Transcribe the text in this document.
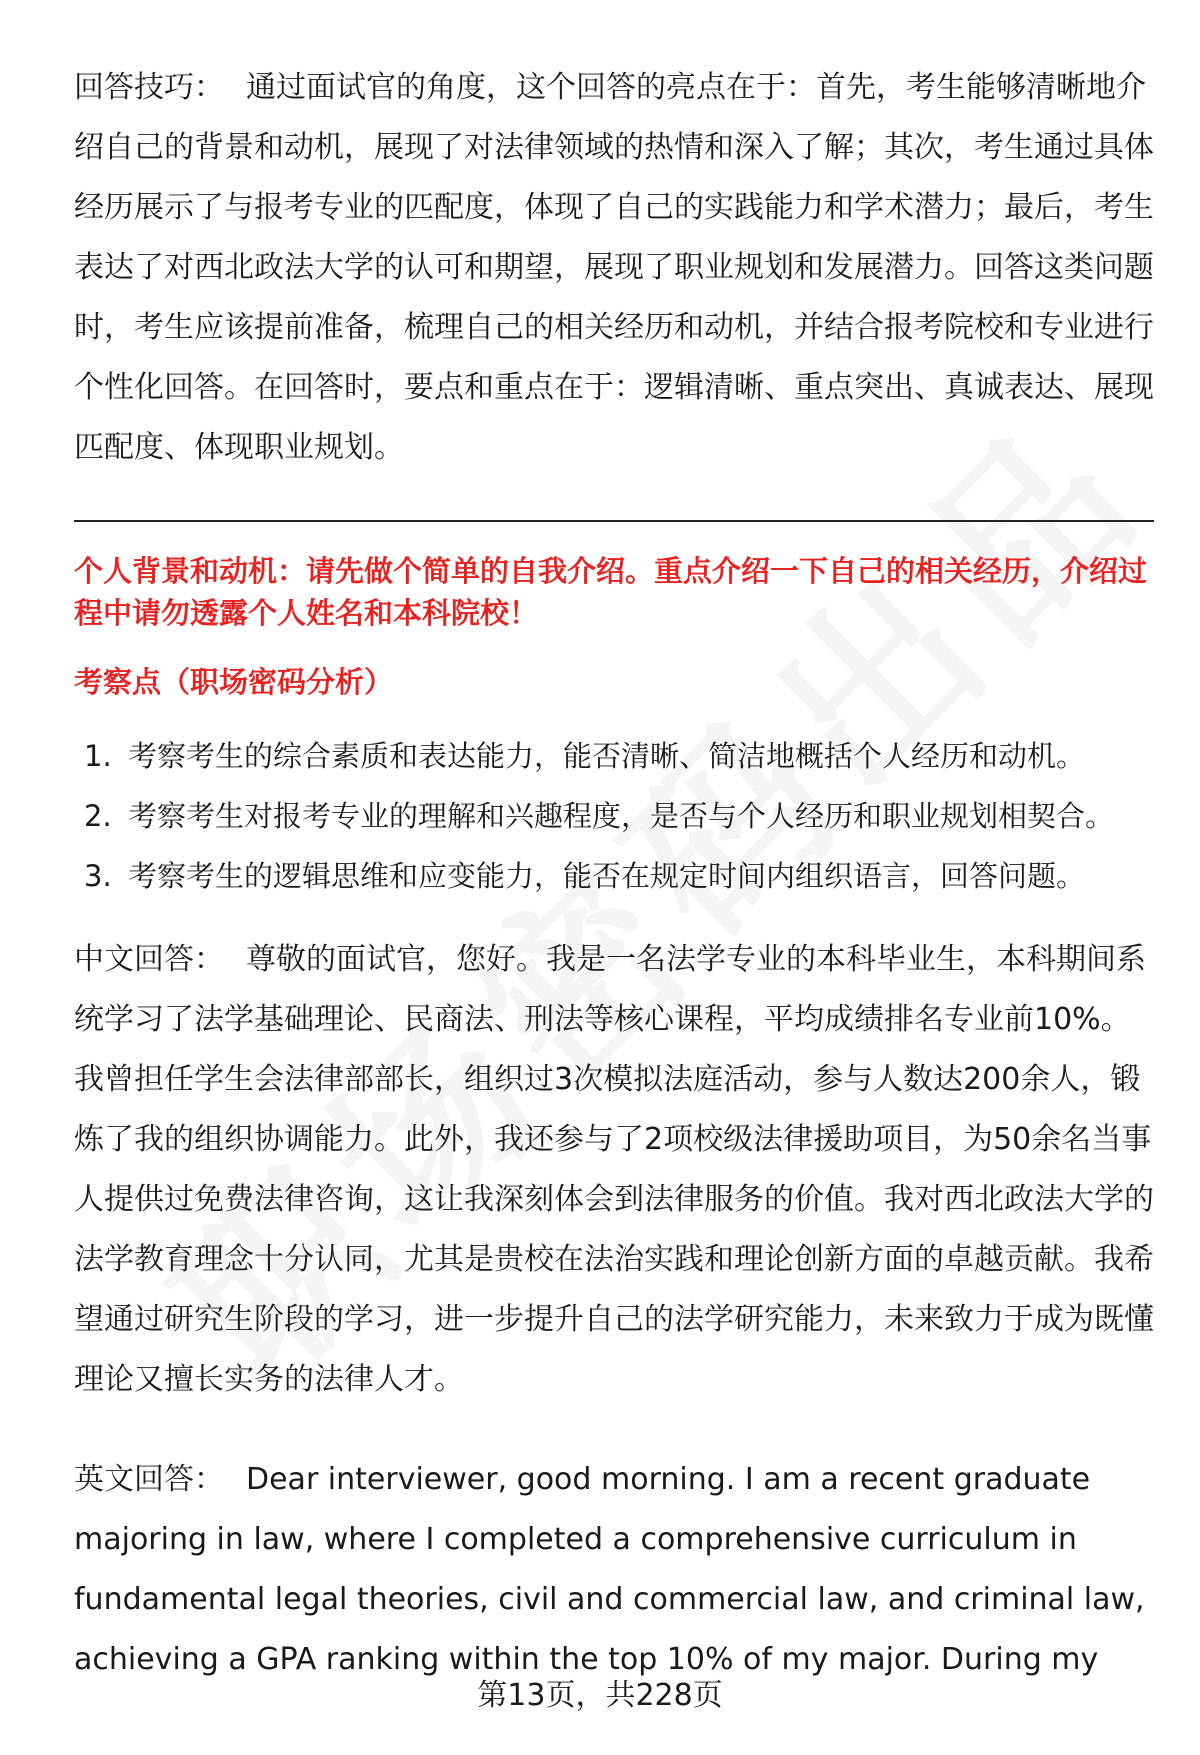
回答技巧： 通过面试官的角度，这个回答的亮点在于：首先，考生能够清晰地介绍自己的背景和动机，展现了对法律领域的热情和深入了解；其次，考生通过具体经历展示了与报考专业的匹配度，体现了自己的实践能力和学术潜力；最后，考生表达了对西北政法大学的认可和期望，展现了职业规划和发展潜力。回答这类问题时，考生应该提前准备，梳理自己的相关经历和动机，并结合报考院校和专业进行个性化回答。在回答时，要点和重点在于：逻辑清晰、重点突出、真诚表达、展现匹配度、体现职业规划。

个人背景和动机：请先做个简单的自我介绍。重点介绍一下自己的相关经历，介绍过程中请勿透露个人姓名和本科院校！

考察点（职场密码分析）

1. 考察考生的综合素质和表达能力，能否清晰、简洁地概括个人经历和动机。
2. 考察考生对报考专业的理解和兴趣程度，是否与个人经历和职业规划相契合。
3. 考察考生的逻辑思维和应变能力，能否在规定时间内组织语言，回答问题。

中文回答： 尊敬的面试官，您好。我是一名法学专业的本科毕业生，本科期间系统学习了法学基础理论、民商法、刑法等核心课程，平均成绩排名专业前10%。我曾担任学生会法律部部长，组织过3次模拟法庭活动，参与人数达200余人，锻炼了我的组织协调能力。此外，我还参与了2项校级法律援助项目，为50余名当事人提供过免费法律咨询，这让我深刻体会到法律服务的价值。我对西北政法大学的法学教育理念十分认同，尤其是贵校在法治实践和理论创新方面的卓越贡献。我希望通过研究生阶段的学习，进一步提升自己的法学研究能力，未来致力于成为既懂理论又擅长实务的法律人才。

英文回答： Dear interviewer, good morning. I am a recent graduate majoring in law, where I completed a comprehensive curriculum in fundamental legal theories, civil and commercial law, and criminal law, achieving a GPA ranking within the top 10% of my major. During my

第13页，共228页
